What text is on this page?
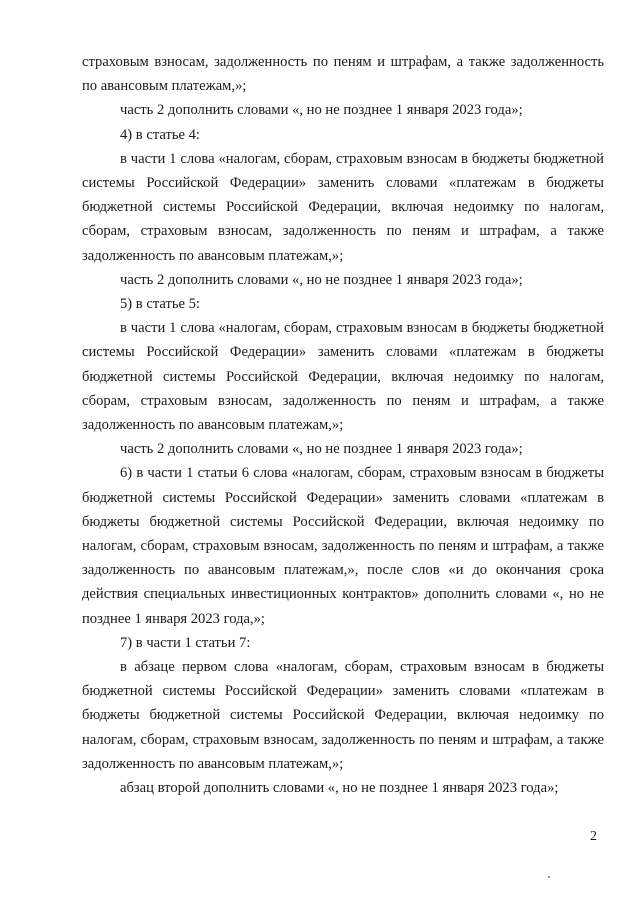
страховым взносам, задолженность по пеням и штрафам, а также задолженность по авансовым платежам,»;

часть 2 дополнить словами «, но не позднее 1 января 2023 года»;

4) в статье 4:

в части 1 слова «налогам, сборам, страховым взносам в бюджеты бюджетной системы Российской Федерации» заменить словами «платежам в бюджеты бюджетной системы Российской Федерации, включая недоимку по налогам, сборам, страховым взносам, задолженность по пеням и штрафам, а также задолженность по авансовым платежам,»;

часть 2 дополнить словами «, но не позднее 1 января 2023 года»;

5) в статье 5:

в части 1 слова «налогам, сборам, страховым взносам в бюджеты бюджетной системы Российской Федерации» заменить словами «платежам в бюджеты бюджетной системы Российской Федерации, включая недоимку по налогам, сборам, страховым взносам, задолженность по пеням и штрафам, а также задолженность по авансовым платежам,»;

часть 2 дополнить словами «, но не позднее 1 января 2023 года»;

6) в части 1 статьи 6 слова «налогам, сборам, страховым взносам в бюджеты бюджетной системы Российской Федерации» заменить словами «платежам в бюджеты бюджетной системы Российской Федерации, включая недоимку по налогам, сборам, страховым взносам, задолженность по пеням и штрафам, а также задолженность по авансовым платежам,», после слов «и до окончания срока действия специальных инвестиционных контрактов» дополнить словами «, но не позднее 1 января 2023 года,»;

7) в части 1 статьи 7:

в абзаце первом слова «налогам, сборам, страховым взносам в бюджеты бюджетной системы Российской Федерации» заменить словами «платежам в бюджеты бюджетной системы Российской Федерации, включая недоимку по налогам, сборам, страховым взносам, задолженность по пеням и штрафам, а также задолженность по авансовым платежам,»;

абзац второй дополнить словами «, но не позднее 1 января 2023 года»;

2
